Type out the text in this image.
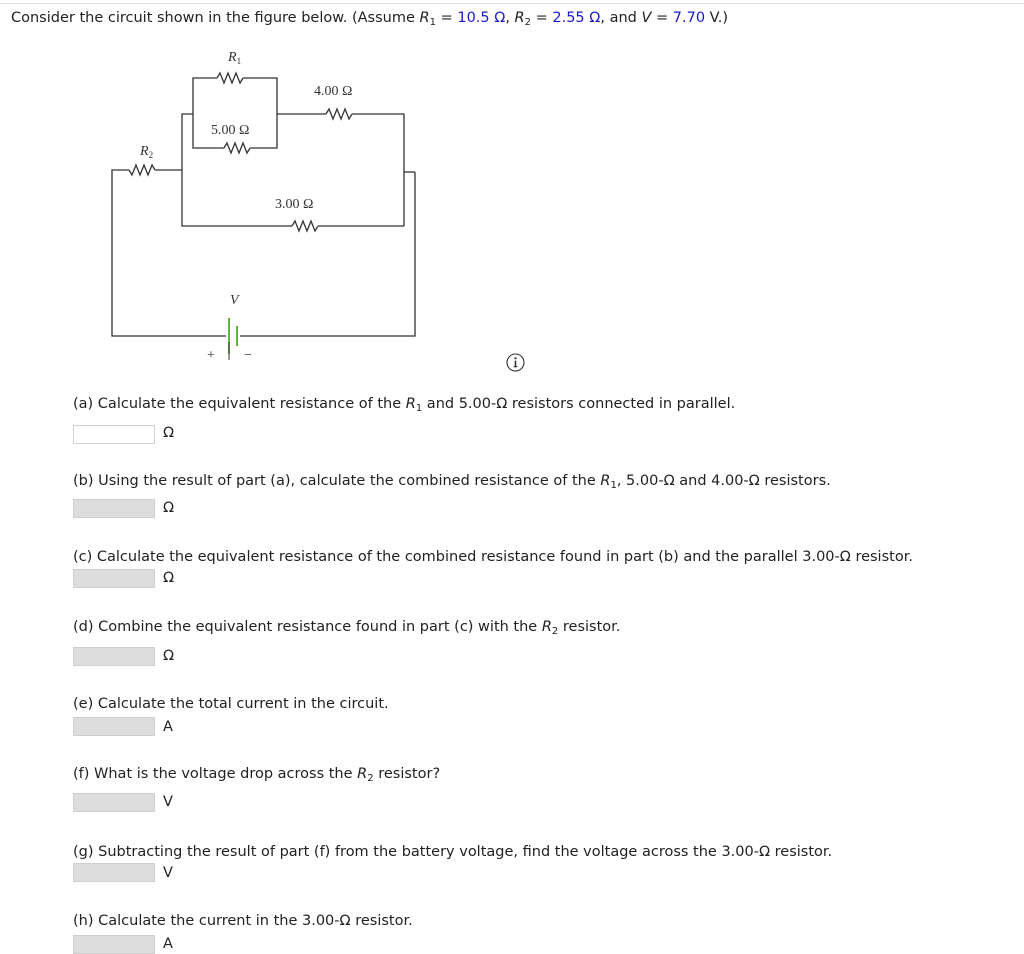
Consider the circuit shown in the figure below. (Assume $R_1 = 10.5$ Ω, $R_2 = 2.55$ Ω, and V = 7.70 V.)
$R_1$
4.00 Ω
5.00 Ω
$R_2$
3.00 Ω
V
+ −
(a) Calculate the equivalent resistance of the $R_1$ and 5.00-Ω resistors connected in parallel.
Ω
(b) Using the result of part (a), calculate the combined resistance of the $R_1$, 5.00-Ω and 4.00-Ω resistors.
Ω
(c) Calculate the equivalent resistance of the combined resistance found in part (b) and the parallel 3.00-Ω resistor.
Ω
(d) Combine the equivalent resistance found in part (c) with the $R_2$ resistor.
Ω
(e) Calculate the total current in the circuit.
A
(f) What is the voltage drop across the $R_2$ resistor?
V
(g) Subtracting the result of part (f) from the battery voltage, find the voltage across the 3.00-Ω resistor.
V
(h) Calculate the current in the 3.00-Ω resistor.
A
